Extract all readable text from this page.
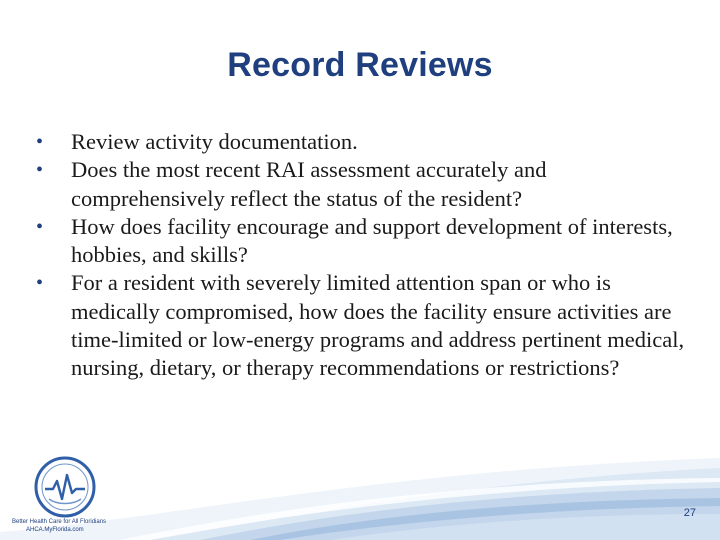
Record Reviews
• Review activity documentation.
• Does the most recent RAI assessment accurately and comprehensively reflect the status of the resident?
• How does facility encourage and support development of interests, hobbies, and skills?
• For a resident with severely limited attention span or who is medically compromised, how does the facility ensure activities are time-limited or low-energy programs and address pertinent medical, nursing, dietary, or therapy recommendations or restrictions?
Better Health Care for All Floridians
AHCA.MyFlorida.com
27
